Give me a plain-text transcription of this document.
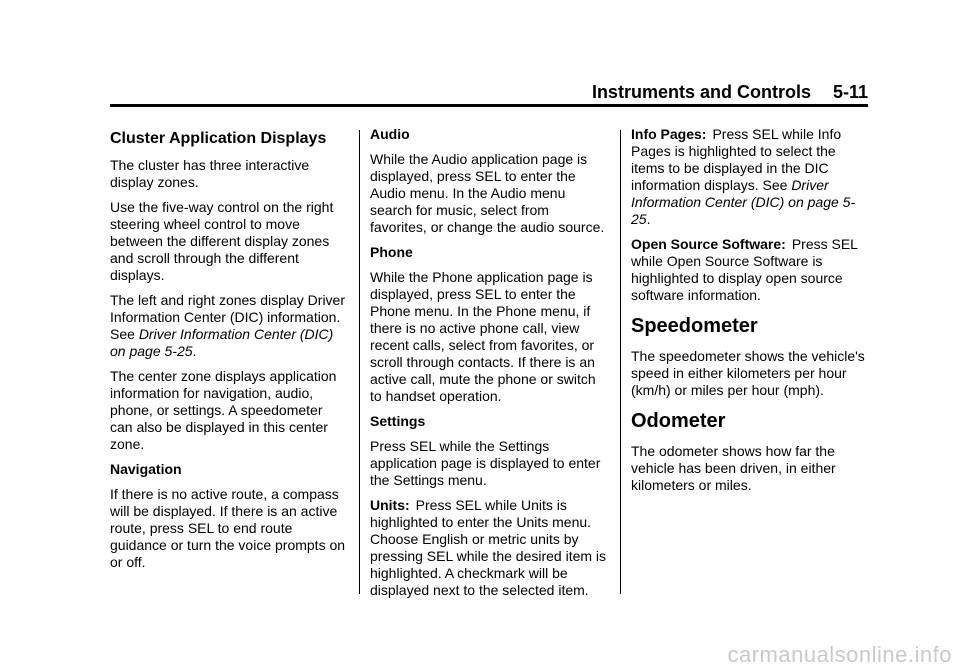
Instruments and Controls 5-11
Cluster Application Displays

The cluster has three interactive display zones.

Use the five-way control on the right steering wheel control to move between the different display zones and scroll through the different displays.

The left and right zones display Driver Information Center (DIC) information. See Driver Information Center (DIC) on page 5-25.

The center zone displays application information for navigation, audio, phone, or settings. A speedometer can also be displayed in this center zone.

Navigation

If there is no active route, a compass will be displayed. If there is an active route, press SEL to end route guidance or turn the voice prompts on or off.

Audio

While the Audio application page is displayed, press SEL to enter the Audio menu. In the Audio menu search for music, select from favorites, or change the audio source.

Phone

While the Phone application page is displayed, press SEL to enter the Phone menu. In the Phone menu, if there is no active phone call, view recent calls, select from favorites, or scroll through contacts. If there is an active call, mute the phone or switch to handset operation.

Settings

Press SEL while the Settings application page is displayed to enter the Settings menu.

Units: Press SEL while Units is highlighted to enter the Units menu. Choose English or metric units by pressing SEL while the desired item is highlighted. A checkmark will be displayed next to the selected item.

Info Pages: Press SEL while Info Pages is highlighted to select the items to be displayed in the DIC information displays. See Driver Information Center (DIC) on page 5-25.

Open Source Software: Press SEL while Open Source Software is highlighted to display open source software information.

Speedometer

The speedometer shows the vehicle's speed in either kilometers per hour (km/h) or miles per hour (mph).

Odometer

The odometer shows how far the vehicle has been driven, in either kilometers or miles.

carmanualsonline.info
